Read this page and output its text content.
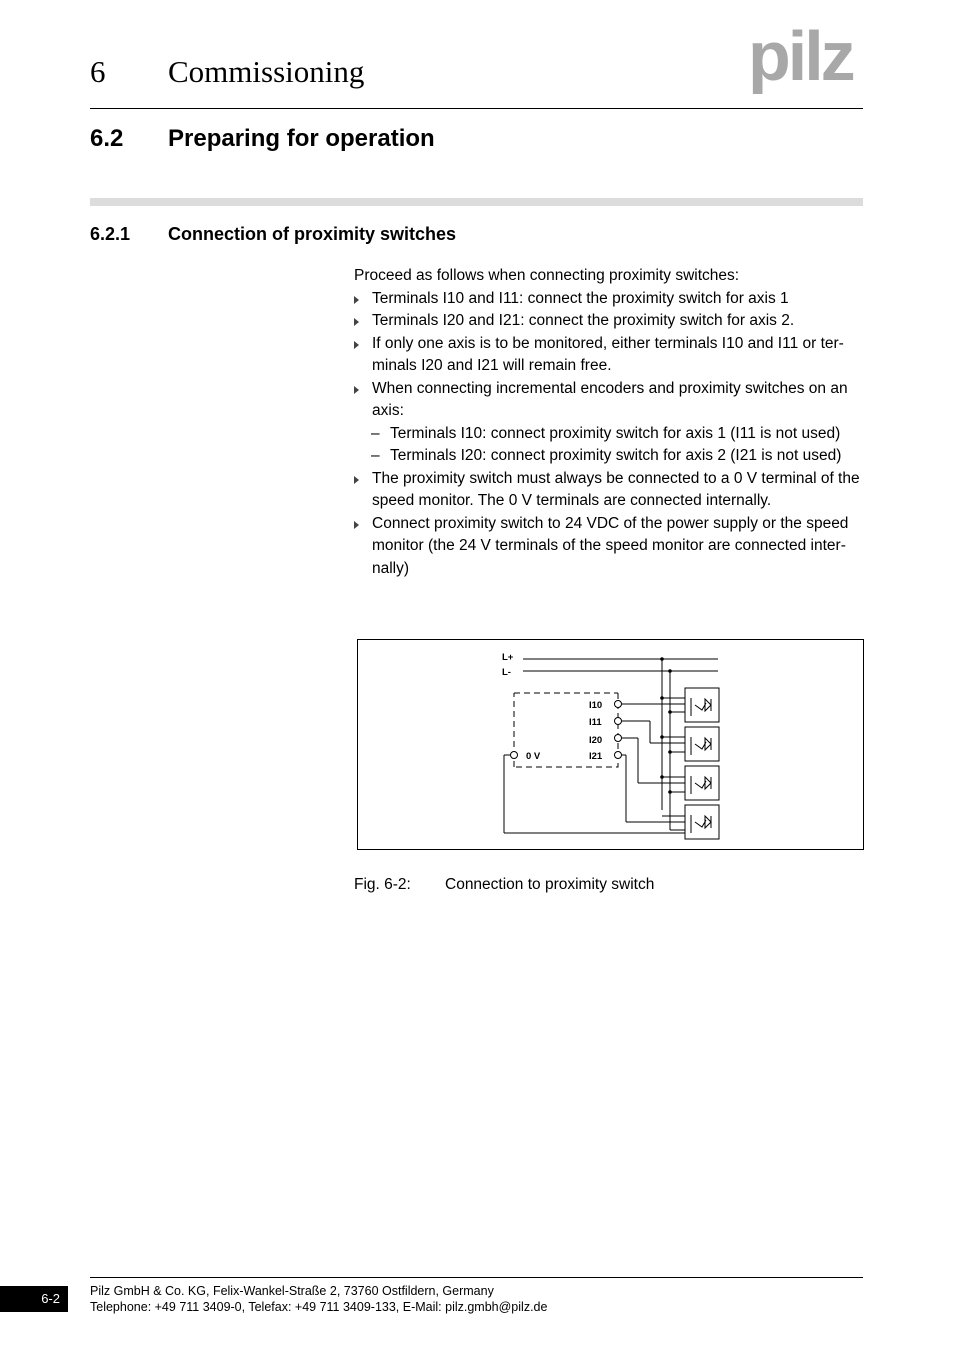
6 Commissioning	pilz
6.2 Preparing for operation
6.2.1 Connection of proximity switches

Proceed as follows when connecting proximity switches:

Terminals I10 and I11: connect the proximity switch for axis 1

Terminals I20 and I21: connect the proximity switch for axis 2.

If only one axis is to be monitored, either terminals I10 and I11 or ter-minals I20 and I21 will remain free.

When connecting incremental encoders and proximity switches on an axis:

– Terminals I10: connect proximity switch for axis 1 (I11 is not used)

– Terminals I20: connect proximity switch for axis 2 (I21 is not used)

The proximity switch must always be connected to a 0 V terminal of the speed monitor. The 0 V terminals are connected internally.

Connect proximity switch to 24 VDC of the power supply or the speed monitor (the 24 V terminals of the speed monitor are connected inter-nally)

L+
L-
I10
I11
I20
I21
0 V
Fig. 6-2: Connection to proximity switch
6-2	Pilz GmbH & Co. KG, Felix-Wankel-Straße 2, 73760 Ostfildern, Germany
Telephone: +49 711 3409-0, Telefax: +49 711 3409-133, E-Mail: pilz.gmbh@pilz.de
